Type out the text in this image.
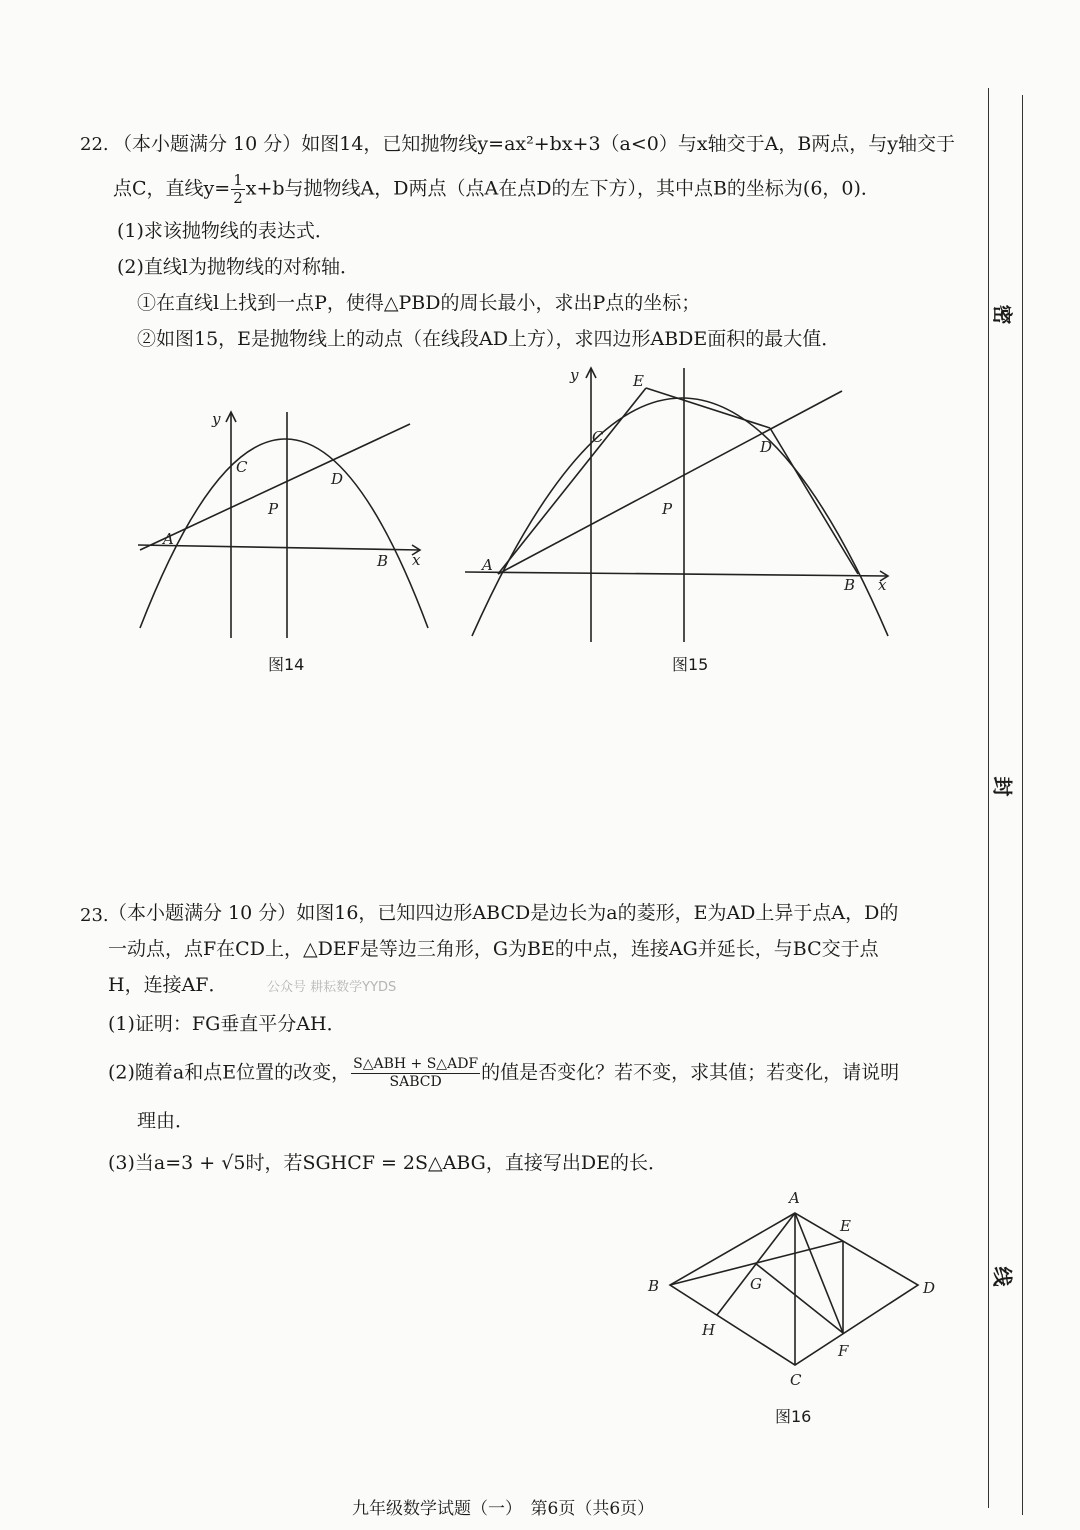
22. （本小题满分 10 分）如图14，已知抛物线y=ax²+bx+3（a<0）与x轴交于A，B两点，与y轴交于
点C，直线$y= \frac{1}{2} x+b$与抛物线A，D两点（点A在点D的左下方），其中点B的坐标为(6，0)．
(1)求该抛物线的表达式．
(2)直线l为抛物线的对称轴．
①在直线l上找到一点P，使得△PBD的周长最小，求出P点的坐标；
②如图15，E是抛物线上的动点（在线段AD上方），求四边形ABDE面积的最大值．
y
x
A
B
C
D
P
图14
y
x
A
B
C
D
P
E
图15
23. （本小题满分 10 分）如图16，已知四边形ABCD是边长为a的菱形，E为AD上异于点A，D的
一动点，点F在CD上，△DEF是等边三角形，G为BE的中点，连接AG并延长，与BC交于点
H，连接AF．	公众号 耕耘数学YYDS
(1)证明：FG垂直平分AH．
(2)随着a和点E位置的改变， $\frac{\text{S△ABH + S△ADF}}{\text{SABCD}}$ 的值是否变化？若不变，求其值；若变化，请说明
理由．
(3)当a=3 + √5时，若SGHCF = 2S△ABG，直接写出DE的长．
A
B
C
D
E
F
G
H
图16
密
封
线
九年级数学试题（一）　第6页（共6页）
